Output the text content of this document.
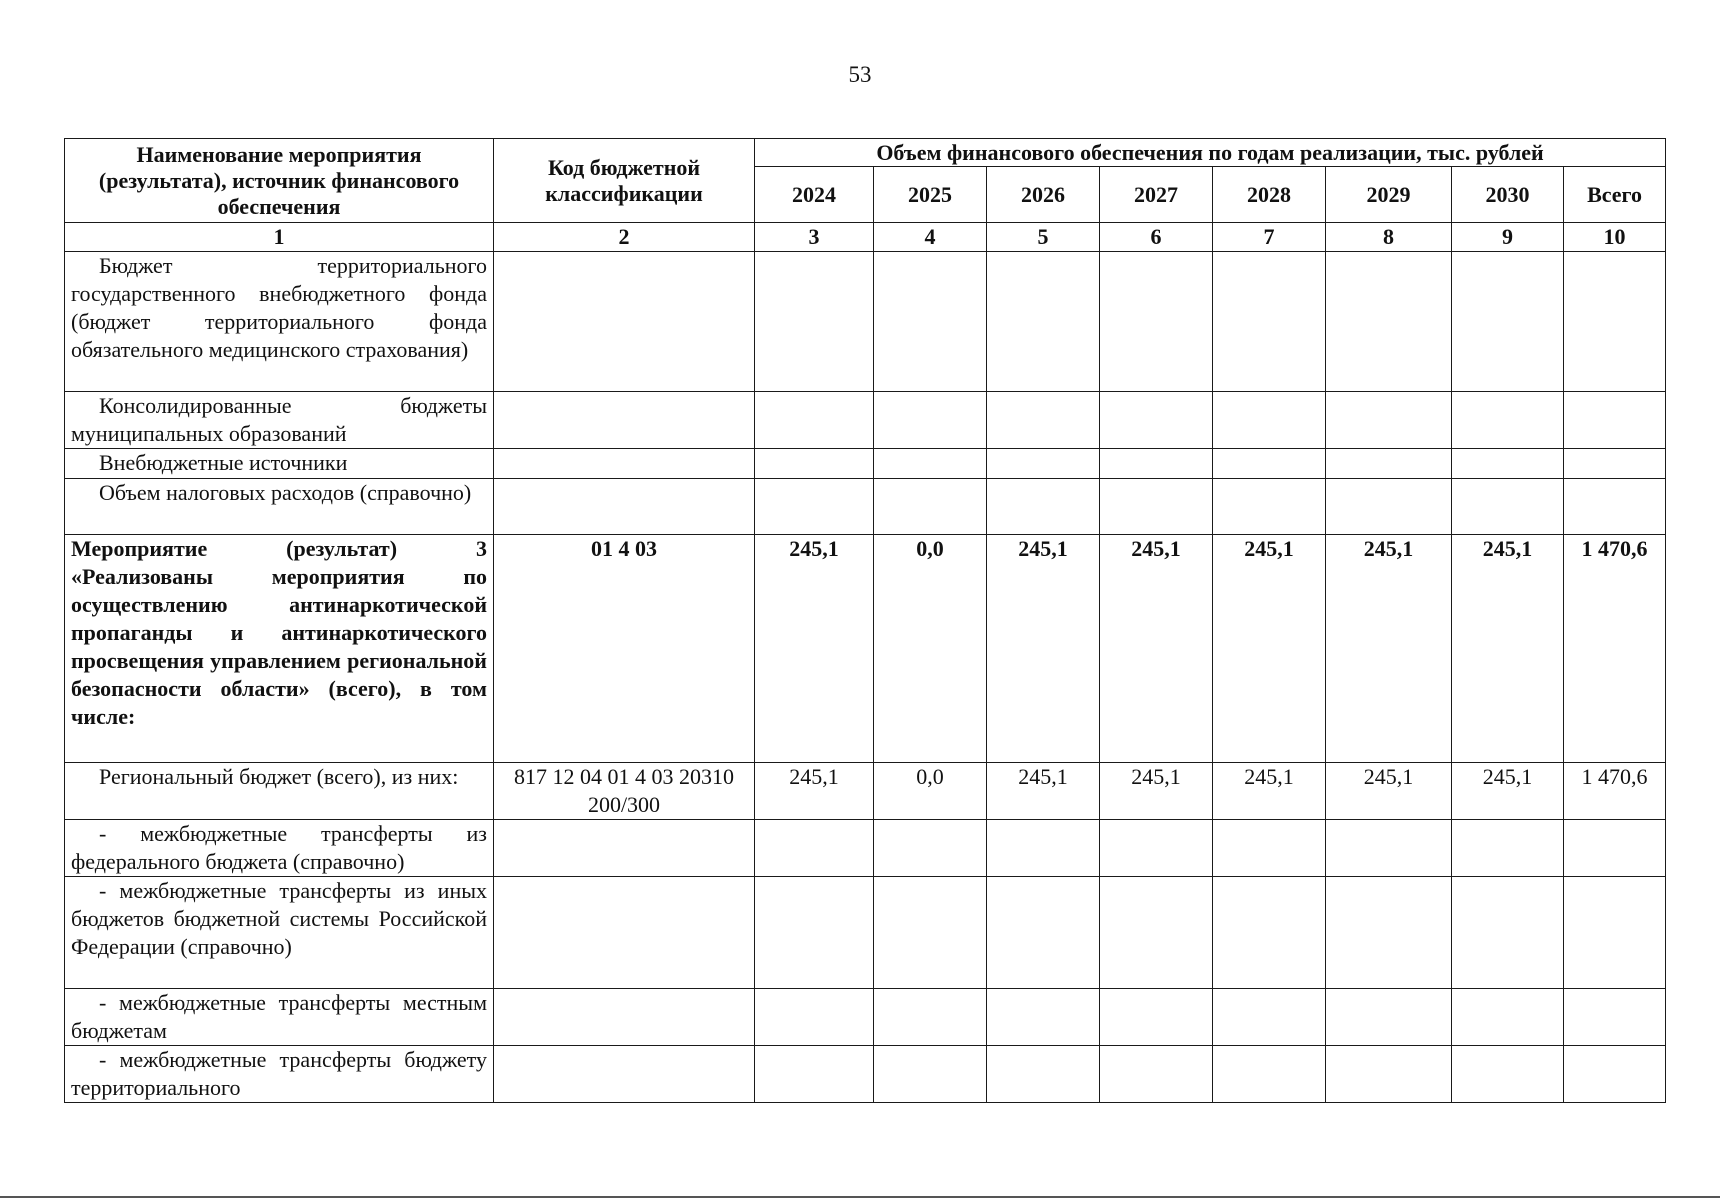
53
Наименование мероприятия (результата), источник финансового обеспечения	Код бюджетной классификации	Объем финансового обеспечения по годам реализации, тыс. рублей							
		2024	2025	2026	2027	2028	2029	2030	Всего
1	2	3	4	5	6	7	8	9	10
Бюджет территориального государственного внебюджетного фонда (бюджет территориального фонда обязательного медицинского страхования)									
Консолидированные бюджеты муниципальных образований									
Внебюджетные источники									
Объем налоговых расходов (справочно)									
Мероприятие (результат) 3 «Реализованы мероприятия по осуществлению антинаркотической пропаганды и антинаркотического просвещения управлением региональной безопасности области» (всего), в том числе:	01 4 03	245,1	0,0	245,1	245,1	245,1	245,1	245,1	1 470,6
Региональный бюджет (всего), из них:	817 12 04 01 4 03 20310 200/300	245,1	0,0	245,1	245,1	245,1	245,1	245,1	1 470,6
- межбюджетные трансферты из федерального бюджета (справочно)									
- межбюджетные трансферты из иных бюджетов бюджетной системы Российской Федерации (справочно)									
- межбюджетные трансферты местным бюджетам									
- межбюджетные трансферты бюджету территориального									
